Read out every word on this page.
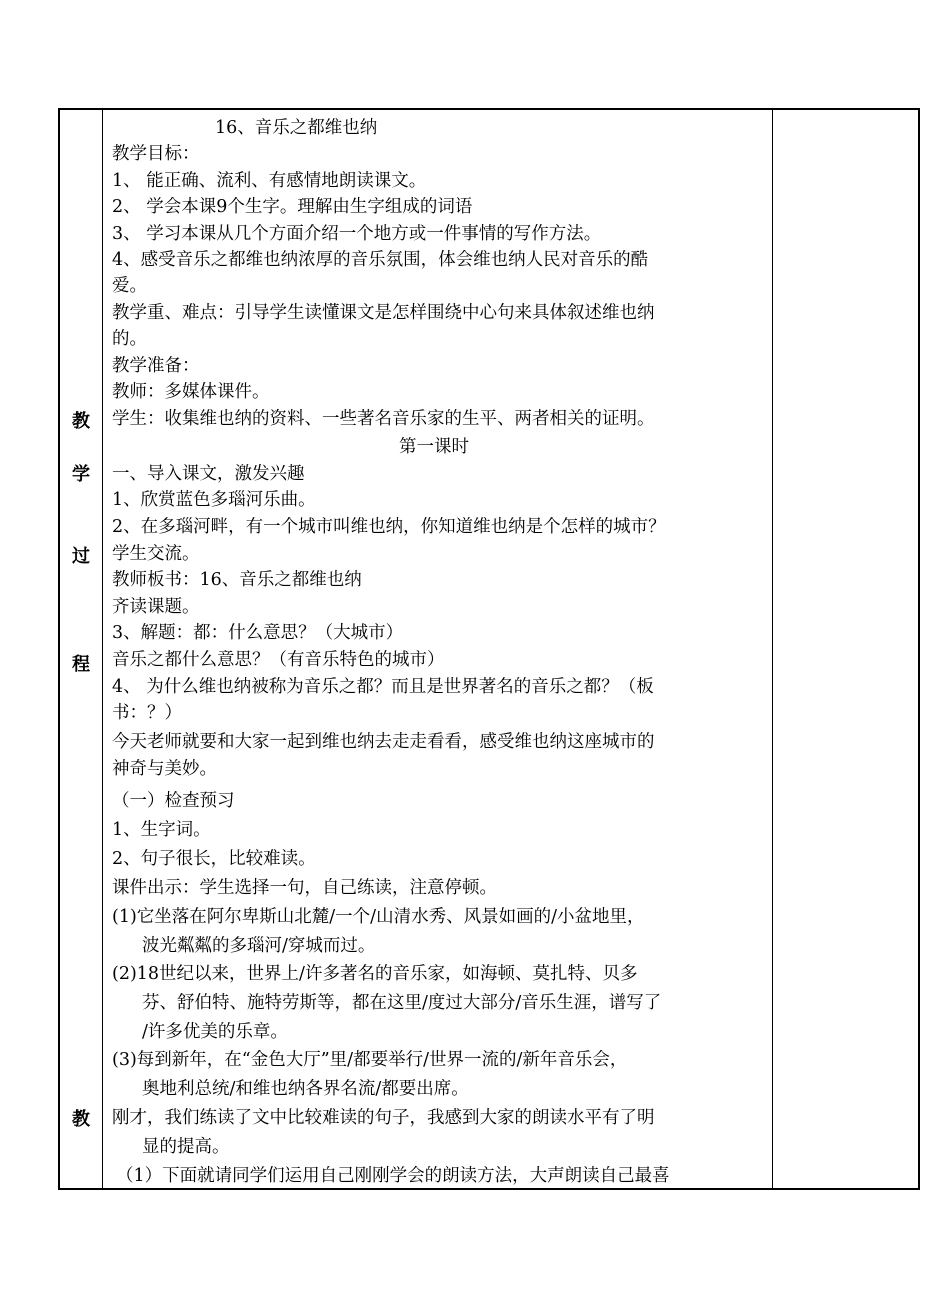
教
学
过
程
教
16、音乐之都维也纳
教学目标：
1、 能正确、流利、有感情地朗读课文。
2、 学会本课9个生字。理解由生字组成的词语
3、 学习本课从几个方面介绍一个地方或一件事情的写作方法。
4、感受音乐之都维也纳浓厚的音乐氛围，体会维也纳人民对音乐的酷
爱。
教学重、难点：引导学生读懂课文是怎样围绕中心句来具体叙述维也纳
的。
教学准备：
教师：多媒体课件。
学生：收集维也纳的资料、一些著名音乐家的生平、两者相关的证明。
第一课时
一、导入课文，激发兴趣
1、欣赏蓝色多瑙河乐曲。
2、在多瑙河畔，有一个城市叫维也纳，你知道维也纳是个怎样的城市？
学生交流。
教师板书：16、音乐之都维也纳
齐读课题。
3、解题：都：什么意思？（大城市）
音乐之都什么意思？（有音乐特色的城市）
4、 为什么维也纳被称为音乐之都？而且是世界著名的音乐之都？（板
书：？）
今天老师就要和大家一起到维也纳去走走看看，感受维也纳这座城市的
神奇与美妙。
（一）检查预习
1、生字词。
2、句子很长，比较难读。
课件出示：学生选择一句，自己练读，注意停顿。
(1)它坐落在阿尔卑斯山北麓/一个/山清水秀、风景如画的/小盆地里，
波光粼粼的多瑙河/穿城而过。
(2)18世纪以来，世界上/许多著名的音乐家，如海顿、莫扎特、贝多
芬、舒伯特、施特劳斯等，都在这里/度过大部分/音乐生涯，谱写了
/许多优美的乐章。
(3)每到新年，在“金色大厅”里/都要举行/世界一流的/新年音乐会，
奥地利总统/和维也纳各界名流/都要出席。
刚才，我们练读了文中比较难读的句子，我感到大家的朗读水平有了明
显的提高。
（1）下面就请同学们运用自己刚刚学会的朗读方法，大声朗读自己最喜
